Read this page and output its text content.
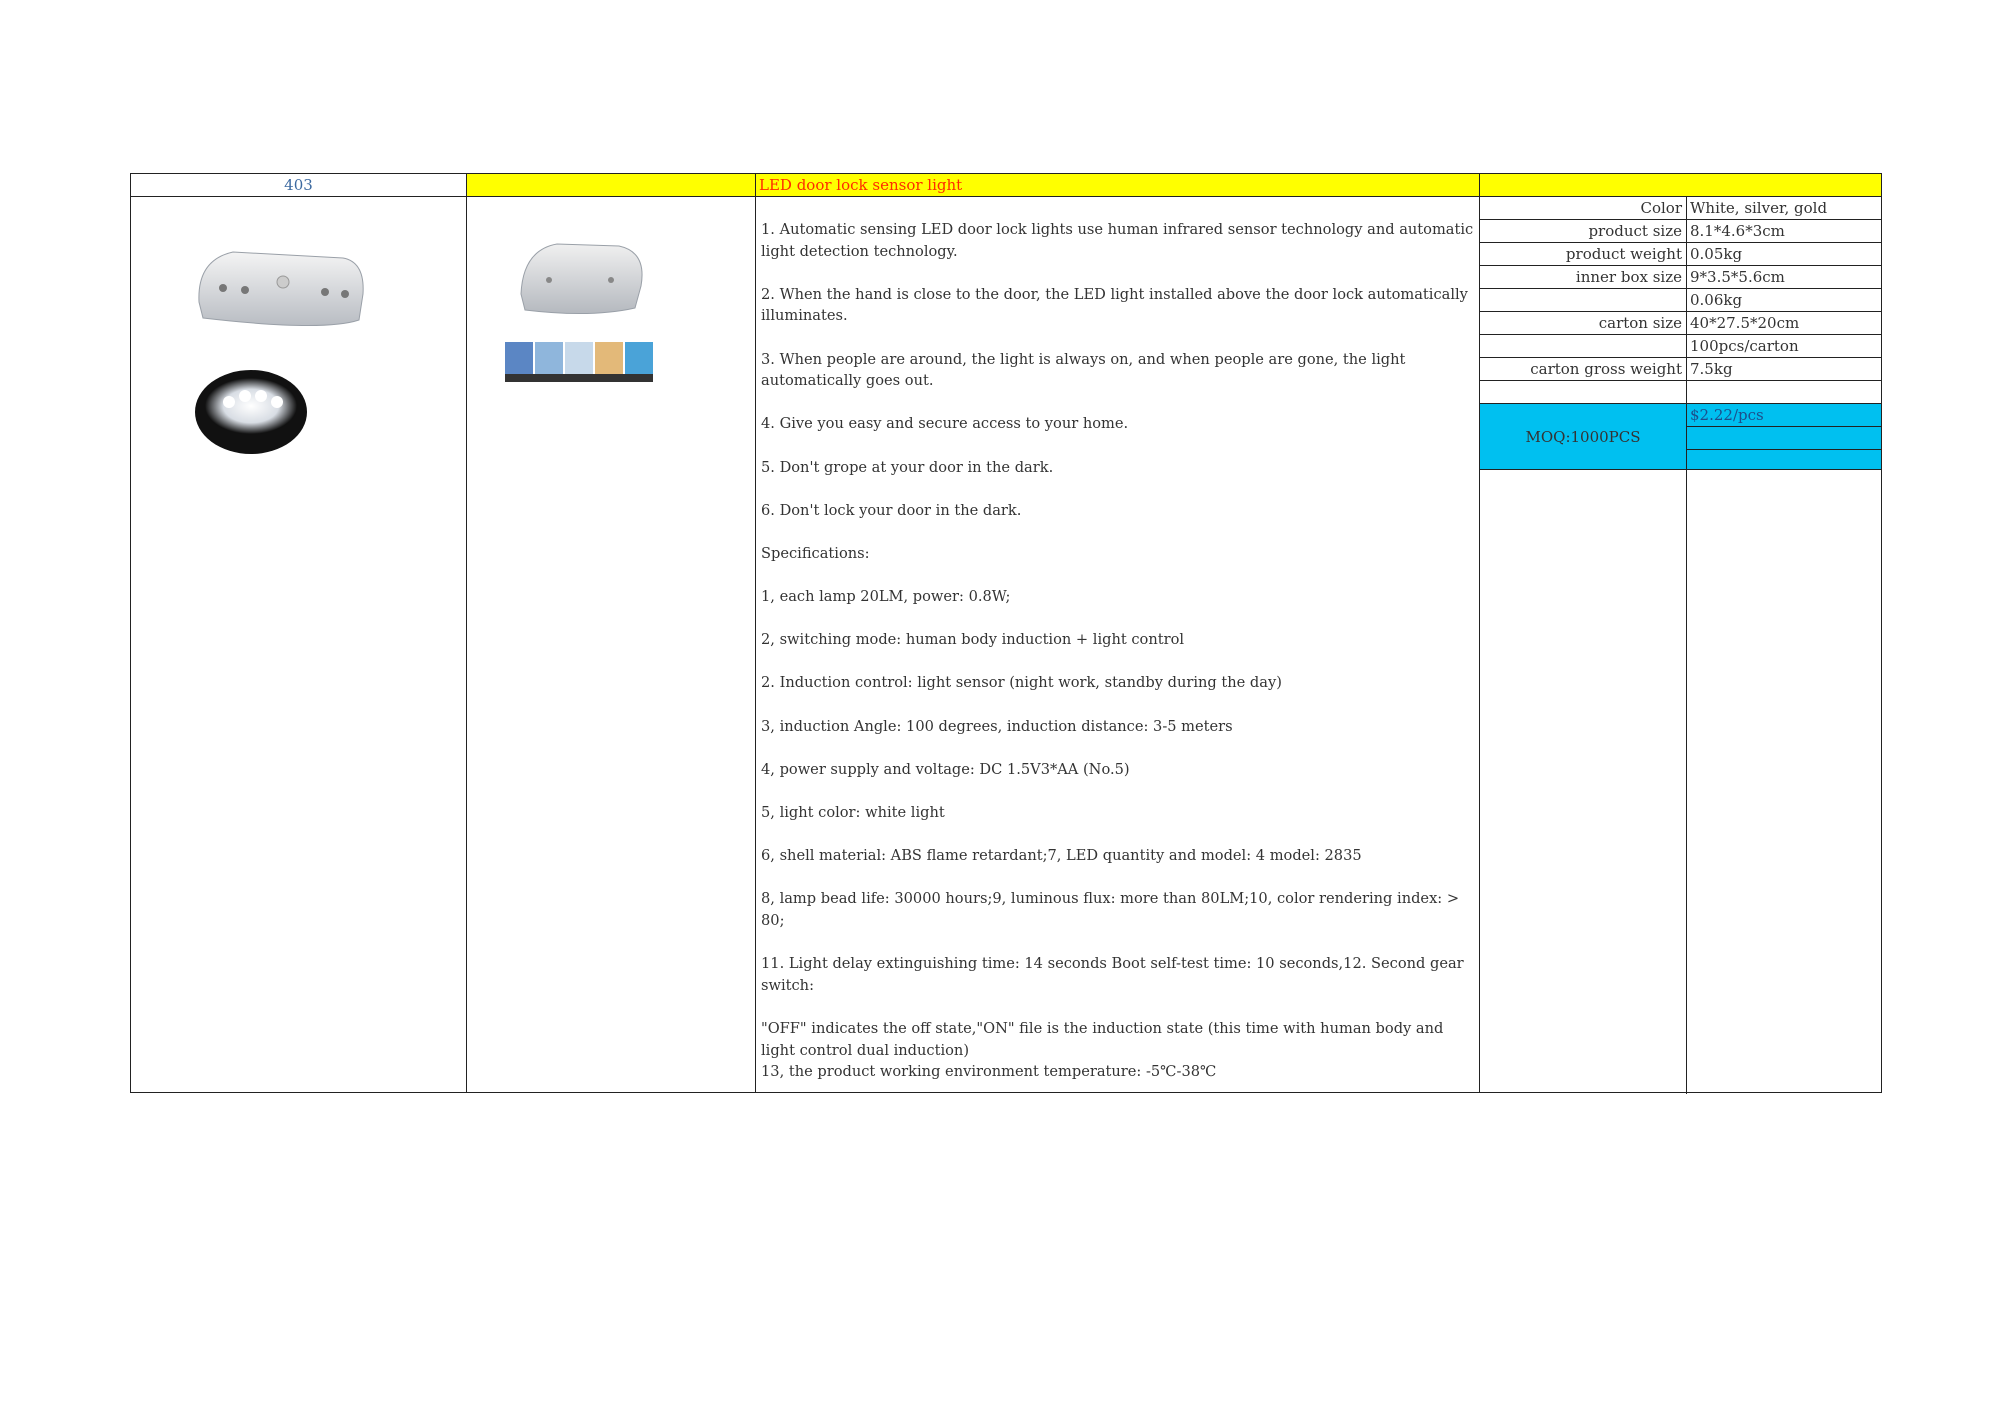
403	LED door lock sensor light

1. Automatic sensing LED door lock lights use human infrared sensor technology and automatic light detection technology.

2. When the hand is close to the door, the LED light installed above the door lock automatically illuminates.

3. When people are around, the light is always on, and when people are gone, the light automatically goes out.

4. Give you easy and secure access to your home.

5. Don't grope at your door in the dark.

6. Don't lock your door in the dark.

Specifications:

1, each lamp 20LM, power: 0.8W;

2, switching mode: human body induction + light control

2. Induction control: light sensor (night work, standby during the day)

3, induction Angle: 100 degrees, induction distance: 3-5 meters

4, power supply and voltage: DC 1.5V3*AA (No.5)

5, light color: white light

6, shell material: ABS flame retardant;7, LED quantity and model: 4 model: 2835

8, lamp bead life: 30000 hours;9, luminous flux: more than 80LM;10, color rendering index: > 80;

11. Light delay extinguishing time: 14 seconds Boot self-test time: 10 seconds,12. Second gear switch:

"OFF" indicates the off state,"ON" file is the induction state (this time with human body and light control dual induction)

13, the product working environment temperature: -5℃-38℃

Color White, silver, gold
product size 8.1*4.6*3cm
product weight 0.05kg
inner box size 9*3.5*5.6cm
0.06kg
carton size 40*27.5*20cm
100pcs/carton
carton gross weight 7.5kg
MOQ:1000PCS
$2.22/pcs
